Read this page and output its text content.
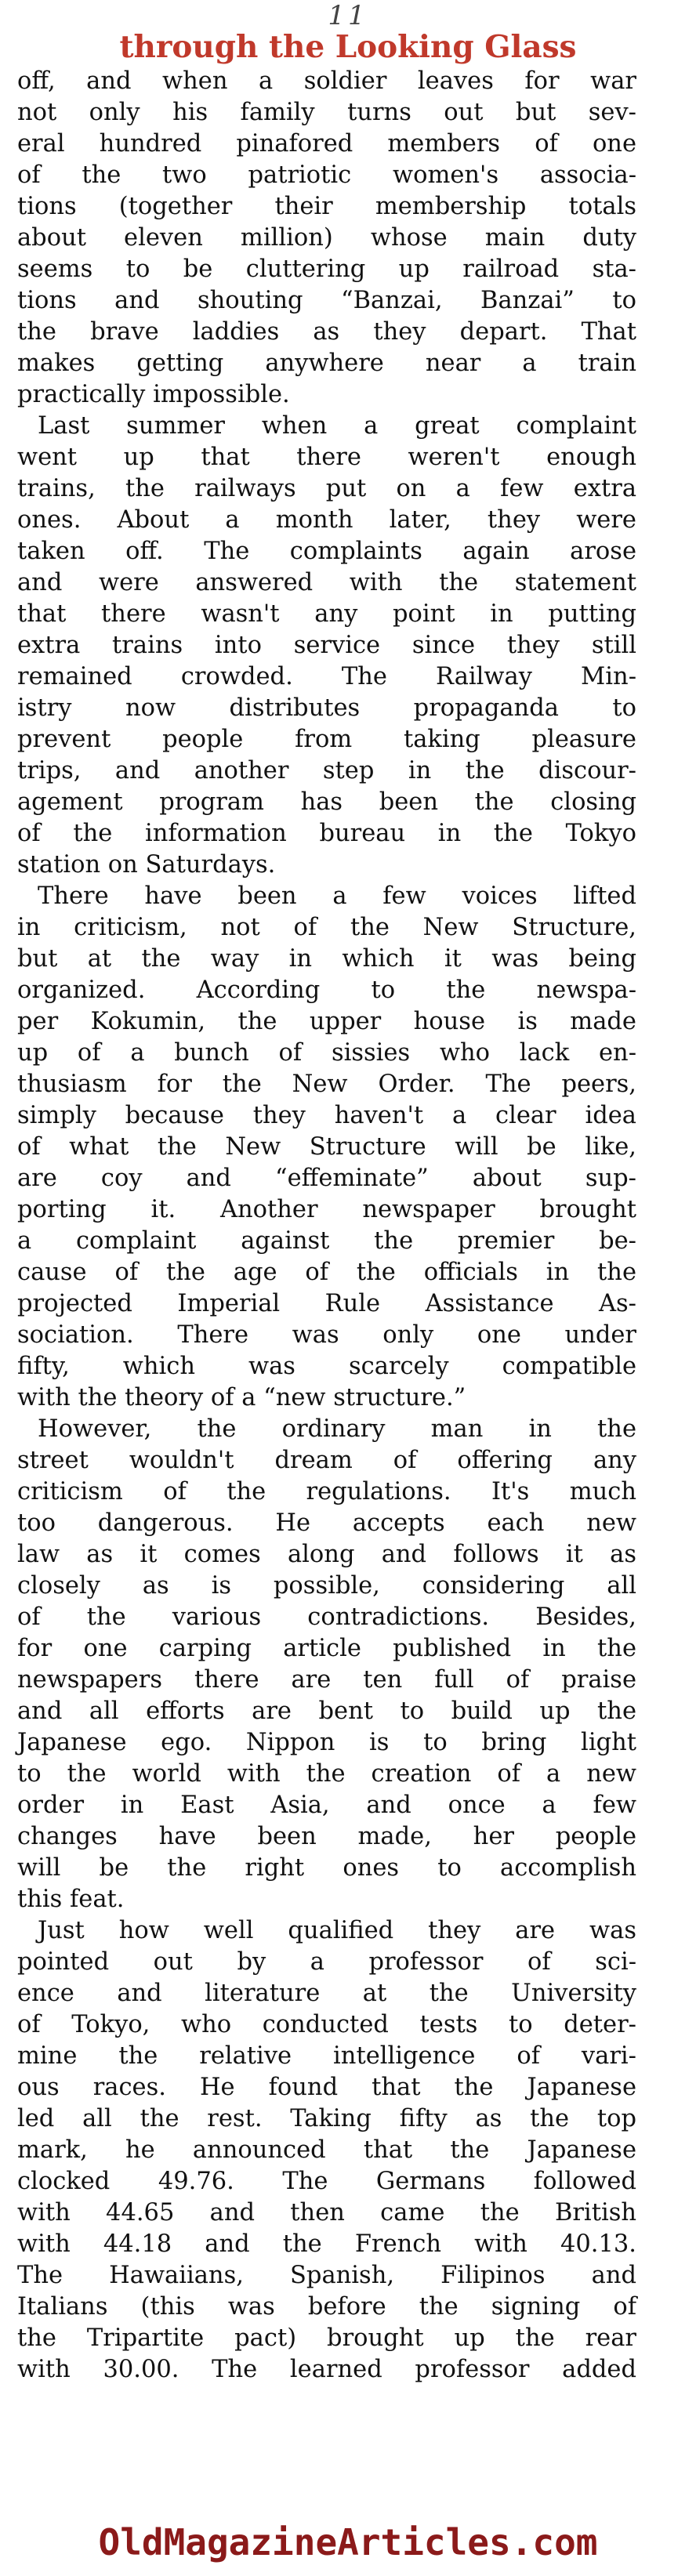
11
through the Looking Glass
off, and when a soldier leaves for war
not only his family turns out but sev-
eral hundred pinafored members of one
of the two patriotic women's associa-
tions (together their membership totals
about eleven million) whose main duty
seems to be cluttering up railroad sta-
tions and shouting “Banzai, Banzai” to
the brave laddies as they depart. That
makes getting anywhere near a train
practically impossible.
Last summer when a great complaint
went up that there weren't enough
trains, the railways put on a few extra
ones. About a month later, they were
taken off. The complaints again arose
and were answered with the statement
that there wasn't any point in putting
extra trains into service since they still
remained crowded. The Railway Min-
istry now distributes propaganda to
prevent people from taking pleasure
trips, and another step in the discour-
agement program has been the closing
of the information bureau in the Tokyo
station on Saturdays.
There have been a few voices lifted
in criticism, not of the New Structure,
but at the way in which it was being
organized. According to the newspa-
per Kokumin, the upper house is made
up of a bunch of sissies who lack en-
thusiasm for the New Order. The peers,
simply because they haven't a clear idea
of what the New Structure will be like,
are coy and “effeminate” about sup-
porting it. Another newspaper brought
a complaint against the premier be-
cause of the age of the officials in the
projected Imperial Rule Assistance As-
sociation. There was only one under
fifty, which was scarcely compatible
with the theory of a “new structure.”
However, the ordinary man in the
street wouldn't dream of offering any
criticism of the regulations. It's much
too dangerous. He accepts each new
law as it comes along and follows it as
closely as is possible, considering all
of the various contradictions. Besides,
for one carping article published in the
newspapers there are ten full of praise
and all efforts are bent to build up the
Japanese ego. Nippon is to bring light
to the world with the creation of a new
order in East Asia, and once a few
changes have been made, her people
will be the right ones to accomplish
this feat.
Just how well qualified they are was
pointed out by a professor of sci-
ence and literature at the University
of Tokyo, who conducted tests to deter-
mine the relative intelligence of vari-
ous races. He found that the Japanese
led all the rest. Taking fifty as the top
mark, he announced that the Japanese
clocked 49.76. The Germans followed
with 44.65 and then came the British
with 44.18 and the French with 40.13.
The Hawaiians, Spanish, Filipinos and
Italians (this was before the signing of
the Tripartite pact) brought up the rear
with 30.00. The learned professor added
OldMagazineArticles.com
